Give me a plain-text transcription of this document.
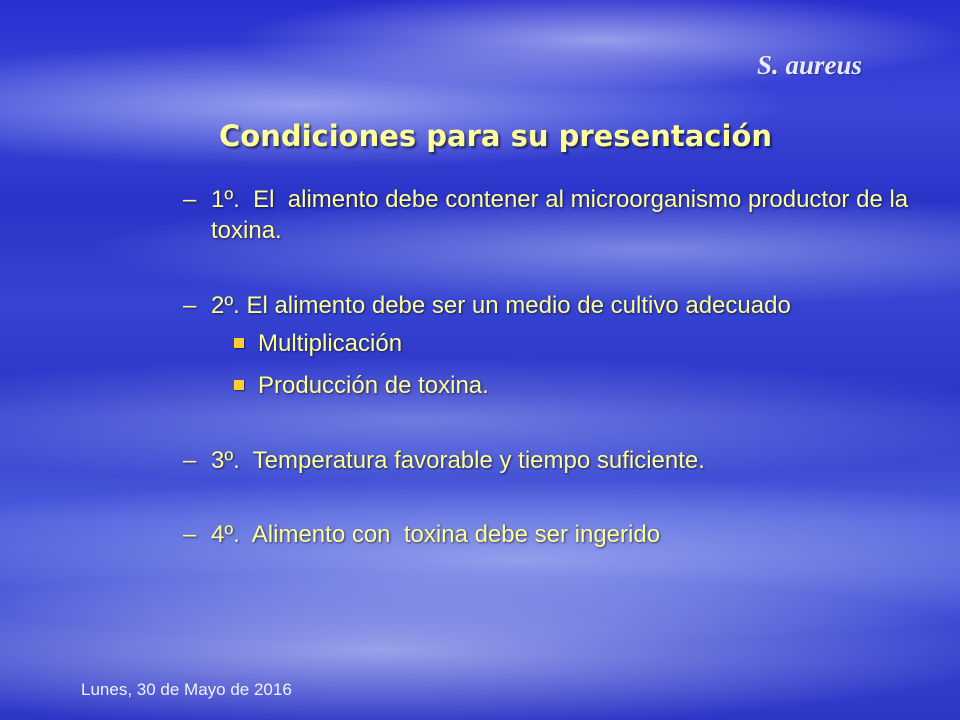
S. aureus
Condiciones para su presentación
– 1º.  El  alimento debe contener al microorganismo productor de la toxina.
– 2º. El alimento debe ser un medio de cultivo adecuado
Multiplicación
Producción de toxina.
– 3º.  Temperatura favorable y tiempo suficiente.
– 4º.  Alimento con  toxina debe ser ingerido
Lunes, 30 de Mayo de 2016
